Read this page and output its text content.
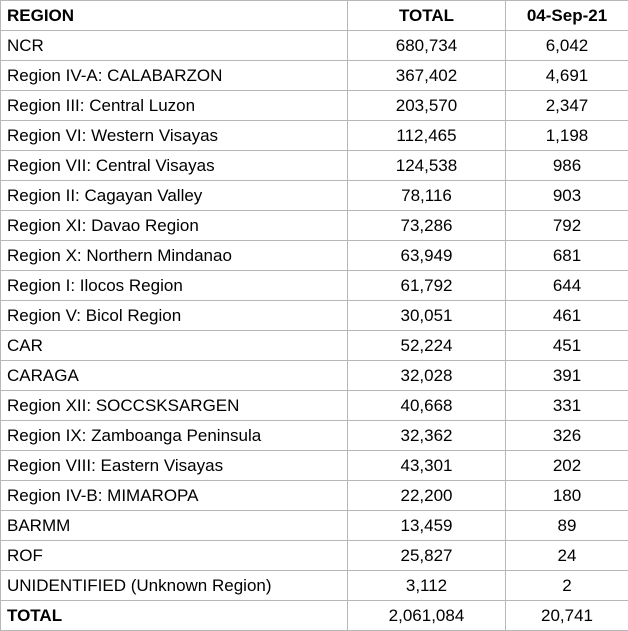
REGION	TOTAL	04-Sep-21
NCR	680,734	6,042
Region IV-A: CALABARZON	367,402	4,691
Region III: Central Luzon	203,570	2,347
Region VI: Western Visayas	112,465	1,198
Region VII: Central Visayas	124,538	986
Region II: Cagayan Valley	78,116	903
Region XI: Davao Region	73,286	792
Region X: Northern Mindanao	63,949	681
Region I: Ilocos Region	61,792	644
Region V: Bicol Region	30,051	461
CAR	52,224	451
CARAGA	32,028	391
Region XII: SOCCSKSARGEN	40,668	331
Region IX: Zamboanga Peninsula	32,362	326
Region VIII: Eastern Visayas	43,301	202
Region IV-B: MIMAROPA	22,200	180
BARMM	13,459	89
ROF	25,827	24
UNIDENTIFIED (Unknown Region)	3,112	2
TOTAL	2,061,084	20,741
